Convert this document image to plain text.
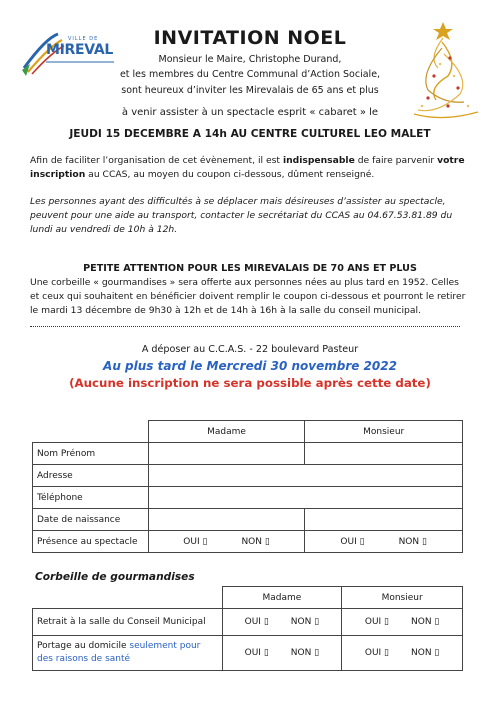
VILLE DE
MIREVAL
INVITATION NOEL
Monsieur le Maire, Christophe Durand,
et les membres du Centre Communal d’Action Sociale,
sont heureux d’inviter les Mirevalais de 65 ans et plus
à venir assister à un spectacle esprit « cabaret » le
JEUDI 15 DECEMBRE A 14h AU CENTRE CULTUREL LEO MALET
Afin de faciliter l’organisation de cet évènement, il est indispensable de faire parvenir votre
inscription au CCAS, au moyen du coupon ci-dessous, dûment renseigné.
Les personnes ayant des difficultés à se déplacer mais désireuses d’assister au spectacle,
peuvent pour une aide au transport, contacter le secrétariat du CCAS au 04.67.53.81.89 du
lundi au vendredi de 10h à 12h.
PETITE ATTENTION POUR LES MIREVALAIS DE 70 ANS ET PLUS
Une corbeille « gourmandises » sera offerte aux personnes nées au plus tard en 1952. Celles
et ceux qui souhaitent en bénéficier doivent remplir le coupon ci-dessous et pourront le retirer
le mardi 13 décembre de 9h30 à 12h et de 14h à 16h à la salle du conseil municipal.
A déposer au C.C.A.S. - 22 boulevard Pasteur
Au plus tard le Mercredi 30 novembre 2022
(Aucune inscription ne sera possible après cette date)
	Madame	Monsieur
Nom Prénom		
Adresse		
Téléphone		
Date de naissance		
Présence au spectacle	OUI ▯ NON ▯	OUI ▯ NON ▯
Corbeille de gourmandises
	Madame	Monsieur
Retrait à la salle du Conseil Municipal	OUI ▯ NON ▯	OUI ▯ NON ▯
Portage au domicile seulement pour
des raisons de santé	OUI ▯ NON ▯	OUI ▯ NON ▯
